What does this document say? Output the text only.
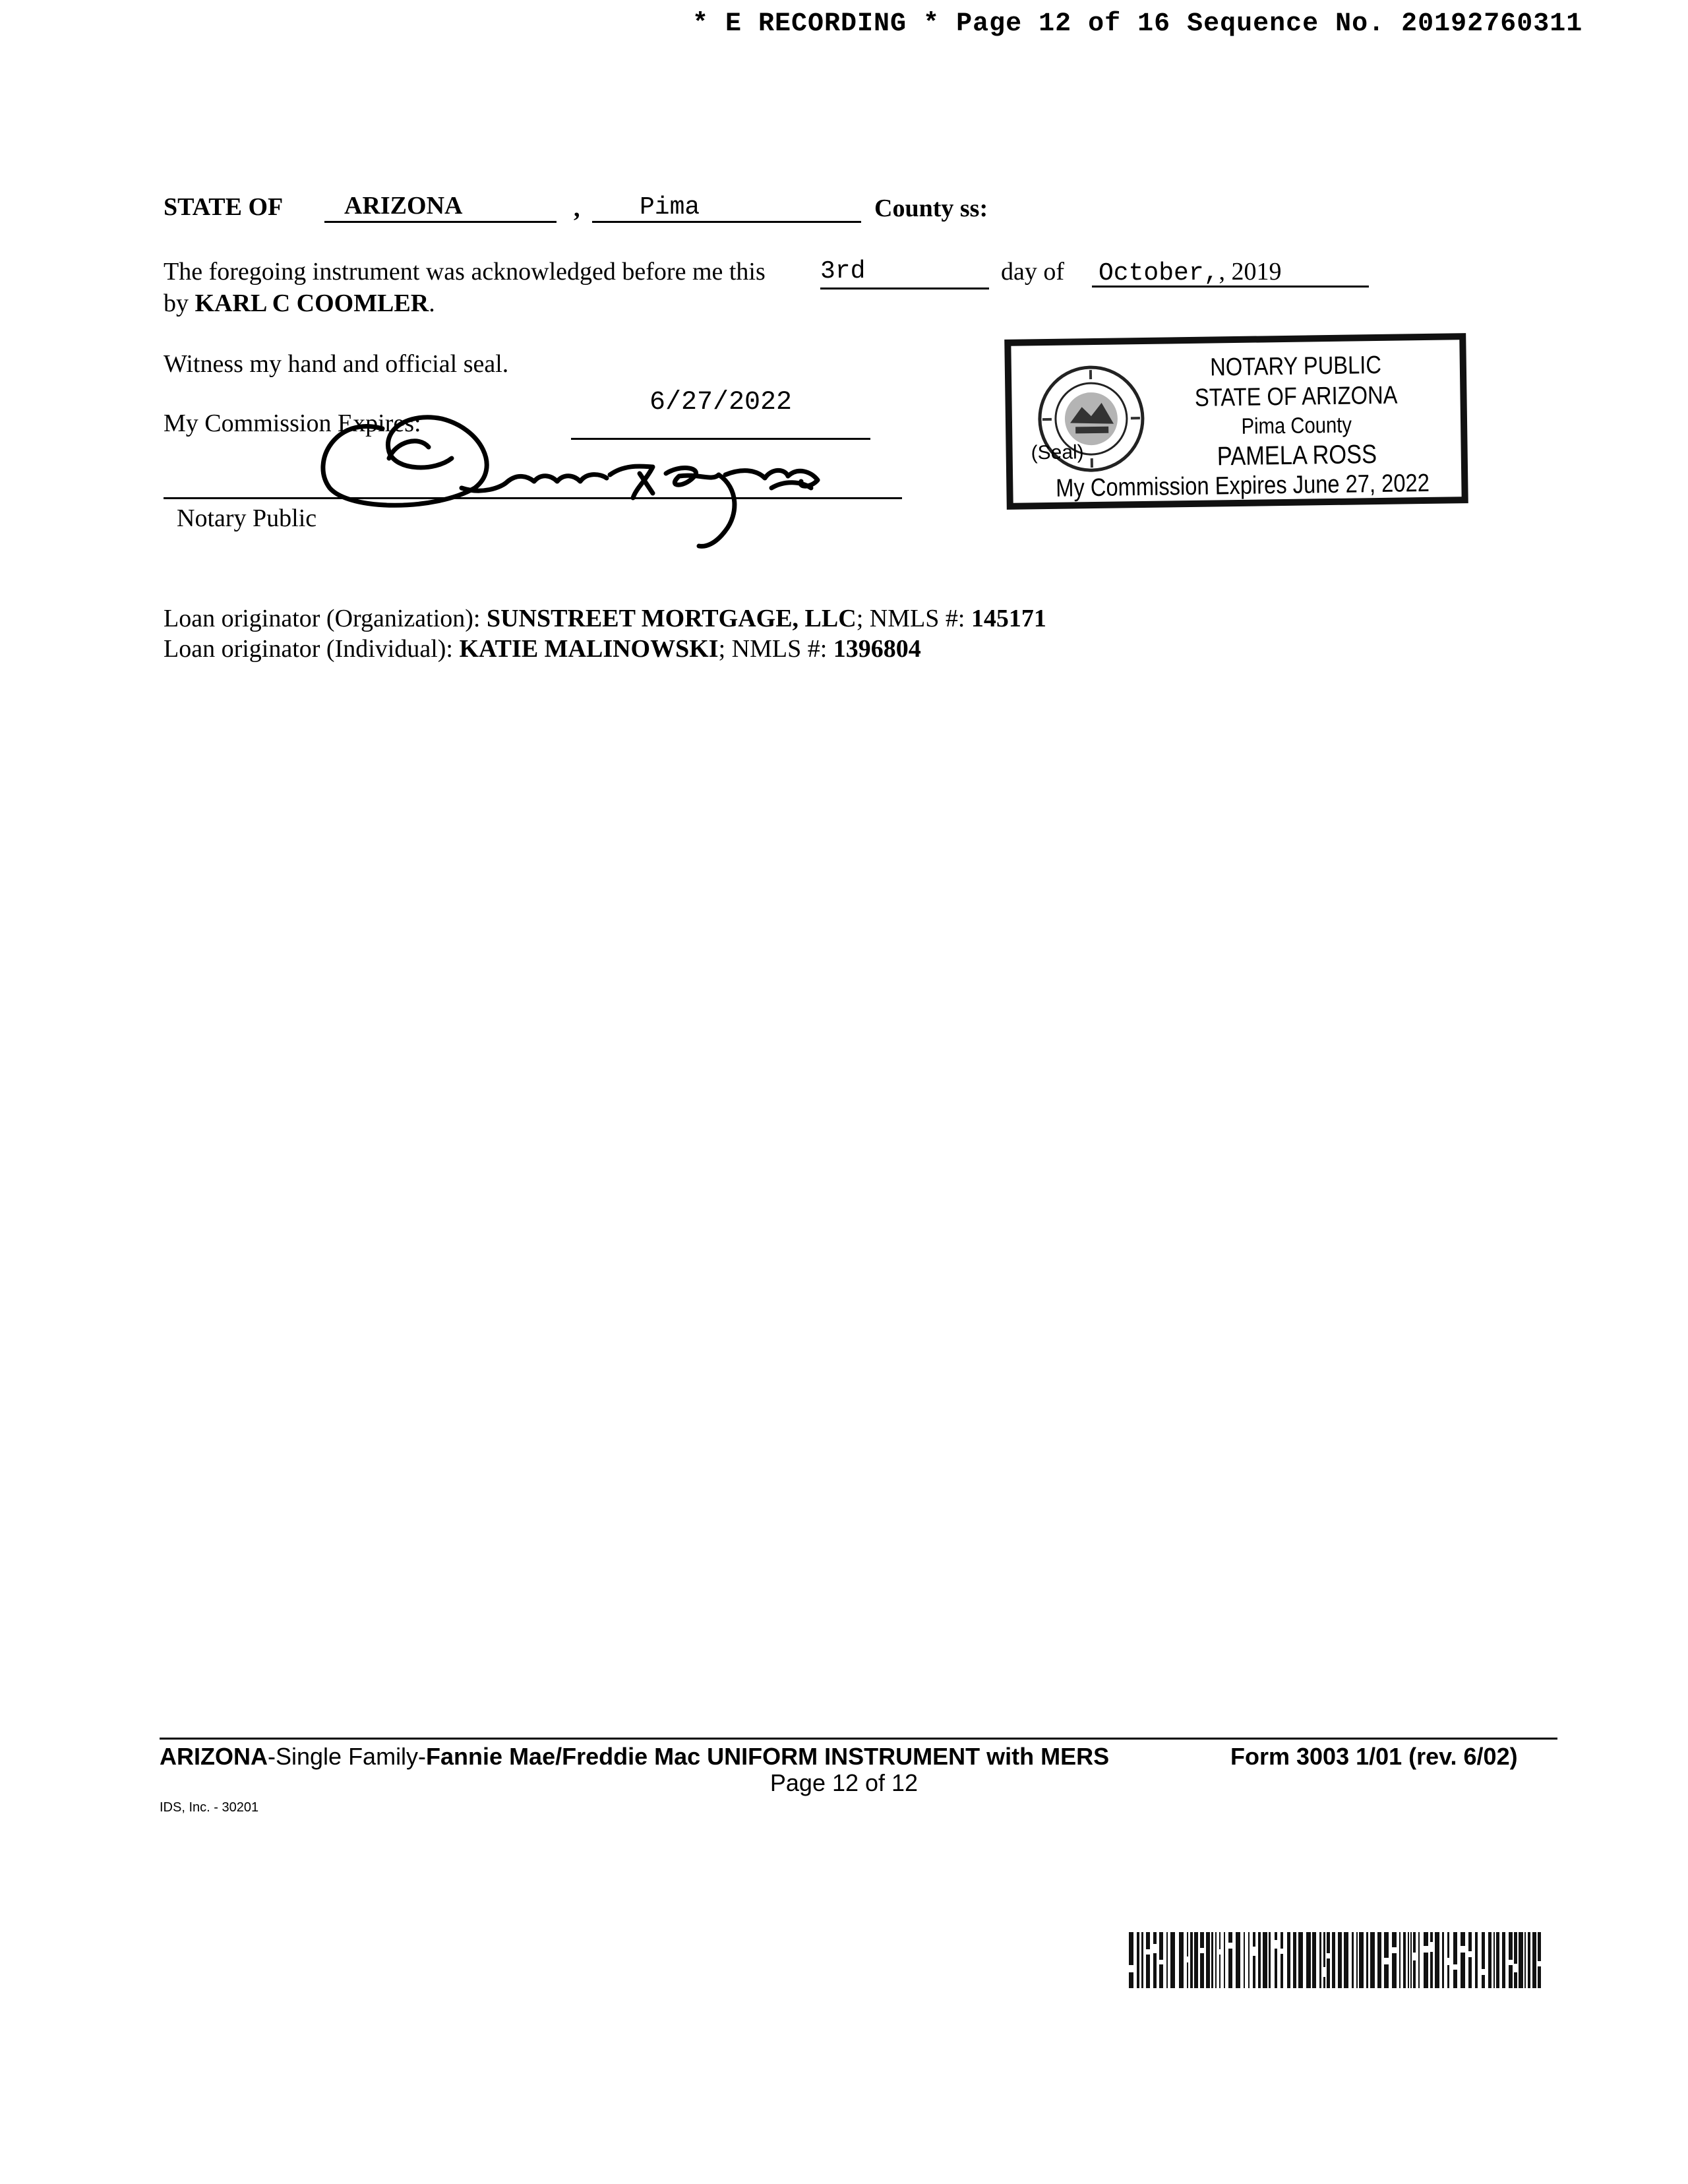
* E RECORDING * Page 12 of 16 Sequence No. 20192760311
STATE OF	ARIZONA	,	Pima	County ss:
The foregoing instrument was acknowledged before me this 3rd	day of October,, 2019
by KARL C COOMLER.
Witness my hand and official seal.
My Commission Expires:
6/27/2022
Notary Public
NOTARY PUBLIC
STATE OF ARIZONA
Pima County
PAMELA ROSS
(Seal)
My Commission Expires June 27, 2022
Loan originator (Organization): SUNSTREET MORTGAGE, LLC; NMLS #: 145171
Loan originator (Individual): KATIE MALINOWSKI; NMLS #: 1396804
ARIZONA-Single Family-Fannie Mae/Freddie Mac UNIFORM INSTRUMENT with MERS	Form 3003 1/01 (rev. 6/02)
Page 12 of 12
IDS, Inc. - 30201
